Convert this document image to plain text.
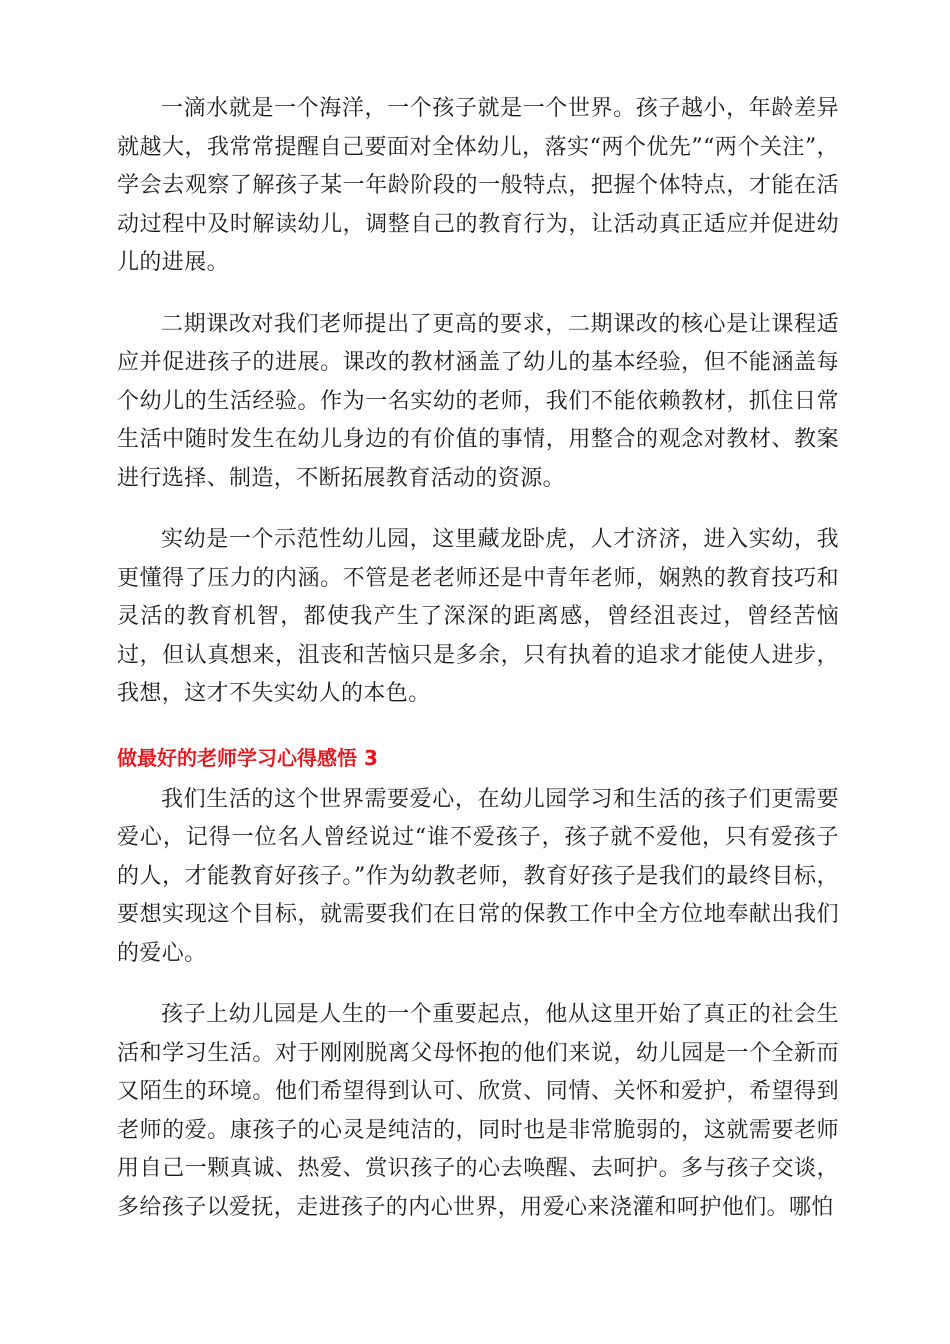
一滴水就是一个海洋，一个孩子就是一个世界。孩子越小，年龄差异就越大，我常常提醒自己要面对全体幼儿，落实“两个优先”“两个关注”，学会去观察了解孩子某一年龄阶段的一般特点，把握个体特点，才能在活动过程中及时解读幼儿，调整自己的教育行为，让活动真正适应并促进幼儿的进展。

二期课改对我们老师提出了更高的要求，二期课改的核心是让课程适应并促进孩子的进展。课改的教材涵盖了幼儿的基本经验，但不能涵盖每个幼儿的生活经验。作为一名实幼的老师，我们不能依赖教材，抓住日常生活中随时发生在幼儿身边的有价值的事情，用整合的观念对教材、教案进行选择、制造，不断拓展教育活动的资源。

实幼是一个示范性幼儿园，这里藏龙卧虎，人才济济，进入实幼，我更懂得了压力的内涵。不管是老老师还是中青年老师，娴熟的教育技巧和灵活的教育机智，都使我产生了深深的距离感，曾经沮丧过，曾经苦恼过，但认真想来，沮丧和苦恼只是多余，只有执着的追求才能使人进步，我想，这才不失实幼人的本色。

做最好的老师学习心得感悟 3

我们生活的这个世界需要爱心，在幼儿园学习和生活的孩子们更需要爱心，记得一位名人曾经说过“谁不爱孩子，孩子就不爱他，只有爱孩子的人，才能教育好孩子。”作为幼教老师，教育好孩子是我们的最终目标，要想实现这个目标，就需要我们在日常的保教工作中全方位地奉献出我们的爱心。

孩子上幼儿园是人生的一个重要起点，他从这里开始了真正的社会生活和学习生活。对于刚刚脱离父母怀抱的他们来说，幼儿园是一个全新而又陌生的环境。他们希望得到认可、欣赏、同情、关怀和爱护，希望得到老师的爱。康孩子的心灵是纯洁的，同时也是非常脆弱的，这就需要老师用自己一颗真诚、热爱、赏识孩子的心去唤醒、去呵护。多与孩子交谈，多给孩子以爱抚，走进孩子的内心世界，用爱心来浇灌和呵护他们。哪怕
